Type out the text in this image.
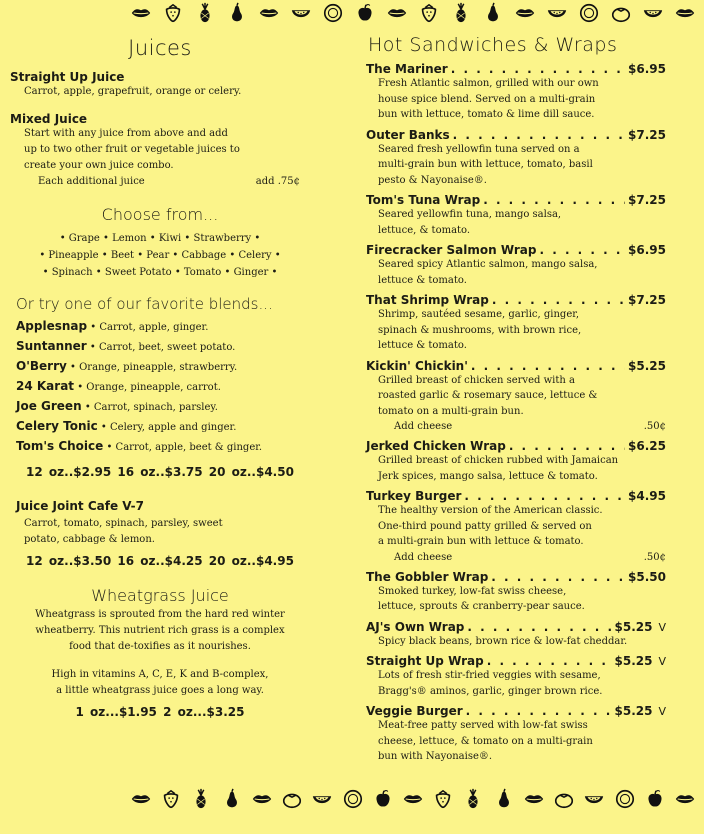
Juices

Straight Up Juice

Carrot, apple, grapefruit, orange or celery.

Mixed Juice

Start with any juice from above and add

up to two other fruit or vegetable juices to

create your own juice combo.

Each additional juice	add .75¢
Choose from...

• Grape • Lemon • Kiwi • Strawberry •

• Pineapple • Beet • Pear • Cabbage • Celery •

• Spinach • Sweet Potato • Tomato • Ginger •

Or try one of our favorite blends...

Applesnap • Carrot, apple, ginger.

Suntanner • Carrot, beet, sweet potato.

O'Berry • Orange, pineapple, strawberry.

24 Karat • Orange, pineapple, carrot.

Joe Green • Carrot, spinach, parsley.

Celery Tonic • Celery, apple and ginger.

Tom's Choice • Carrot, apple, beet & ginger.

12 oz..$2.95 16 oz..$3.75 20 oz..$4.50

Juice Joint Cafe V-7

Carrot, tomato, spinach, parsley, sweet

potato, cabbage & lemon.

12 oz..$3.50 16 oz..$4.25 20 oz..$4.95

Wheatgrass Juice

Wheatgrass is sprouted from the hard red winter

wheatberry. This nutrient rich grass is a complex

food that de-toxifies as it nourishes.

High in vitamins A, C, E, K and B-complex,

a little wheatgrass juice goes a long way.

1 oz...$1.95 2 oz...$3.25

Hot Sandwiches & Wraps
The Mariner . . .	$6.95

Fresh Atlantic salmon, grilled with our own

house spice blend. Served on a multi-grain

bun with lettuce, tomato & lime dill sauce.

Outer Banks . . .	$7.25

Seared fresh yellowfin tuna served on a

multi-grain bun with lettuce, tomato, basil

pesto & Nayonaise®.

Tom's Tuna Wrap . . .	$7.25

Seared yellowfin tuna, mango salsa,

lettuce, & tomato.

Firecracker Salmon Wrap . . .	$6.95

Seared spicy Atlantic salmon, mango salsa,

lettuce & tomato.

That Shrimp Wrap . . .	$7.25

Shrimp, sautéed sesame, garlic, ginger,

spinach & mushrooms, with brown rice,

lettuce & tomato.

Kickin' Chickin' . . .	$5.25

Grilled breast of chicken served with a

roasted garlic & rosemary sauce, lettuce &

tomato on a multi-grain bun.

Add cheese	.50¢
Jerked Chicken Wrap . . .	$6.25

Grilled breast of chicken rubbed with Jamaican

Jerk spices, mango salsa, lettuce & tomato.

Turkey Burger . . .	$4.95

The healthy version of the American classic.

One-third pound patty grilled & served on

a multi-grain bun with lettuce & tomato.

Add cheese	.50¢
The Gobbler Wrap . . .	$5.50

Smoked turkey, low-fat swiss cheese,

lettuce, sprouts & cranberry-pear sauce.

AJ's Own Wrap . . .	$5.25 V

Spicy black beans, brown rice & low-fat cheddar.

Straight Up Wrap . . .	$5.25 V

Lots of fresh stir-fried veggies with sesame,

Bragg's® aminos, garlic, ginger brown rice.

Veggie Burger . . .	$5.25 V

Meat-free patty served with low-fat swiss

cheese, lettuce, & tomato on a multi-grain

bun with Nayonaise®.
